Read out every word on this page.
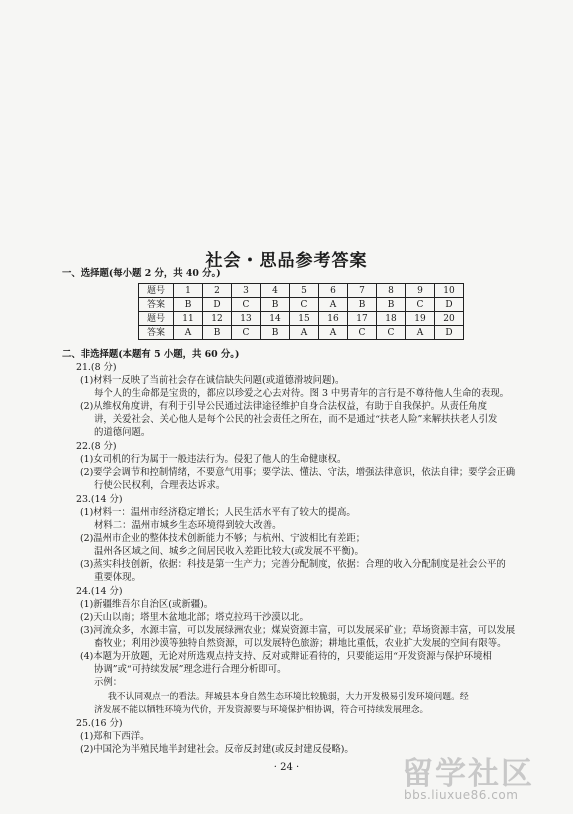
社会・思品参考答案
一、选择题(每小题 2 分，共 40 分。)
题号	1	2	3	4	5	6	7	8	9	10
答案	B	D	C	B	C	A	B	B	C	D
题号	11	12	13	14	15	16	17	18	19	20
答案	A	B	C	B	A	A	C	C	A	D
二、非选择题(本题有 5 小题，共 60 分。)
21.(8 分)
(1)材料一反映了当前社会存在诚信缺失问题(或道德滑坡问题)。
每个人的生命都是宝贵的，都应以珍爱之心去对待。图 3 中男青年的言行是不尊待他人生命的表现。
(2)从维权角度讲，有利于引导公民通过法律途径维护自身合法权益，有助于自我保护。从责任角度
讲，关爱社会、关心他人是每个公民的社会责任之所在，而不是通过“扶老人险”来解扶扶老人引发
的道德问题。
22.(8 分)
(1)女司机的行为属于一般违法行为。侵犯了他人的生命健康权。
(2)要学会调节和控制情绪，不要意气用事；要学法、懂法、守法，增强法律意识，依法自律；要学会正确
行使公民权利，合理表达诉求。
23.(14 分)
(1)材料一：温州市经济稳定增长；人民生活水平有了较大的提高。
材料二：温州市城乡生态环境得到较大改善。
(2)温州市企业的整体技术创新能力不够；与杭州、宁波相比有差距；
温州各区域之间、城乡之间居民收入差距比较大(或发展不平衡)。
(3)蒸实科技创新，依据：科技是第一生产力；完善分配制度，依据：合理的收入分配制度是社会公平的
重要体现。
24.(14 分)
(1)新疆维吾尔自治区(或新疆)。
(2)天山以南；塔里木盆地北部；塔克拉玛干沙漠以北。
(3)河流众多，水源丰富，可以发展绿洲农业；煤炭资源丰富，可以发展采矿业；草场资源丰富，可以发展
畜牧业；利用沙漠等独特自然资源，可以发展特色旅游；耕地比重低，农业扩大发展的空间有限等。
(4)本题为开放题，无论对所选观点持支持、反对或辩证看待的，只要能运用“开发资源与保护环境相
协调”或“可持续发展”理念进行合理分析即可。
示例：
我不认同观点一的看法。拜城县本身自然生态环境比较脆弱，大力开发极易引发环境问题。经
济发展不能以牺牲环境为代价，开发资源要与环境保护相协调，符合可持续发展理念。
25.(16 分)
(1)郑和下西洋。
(2)中国沦为半殖民地半封建社会。反帝反封建(或反封建反侵略)。
· 24 ·	留学社区
bbs.liuxue86.com
